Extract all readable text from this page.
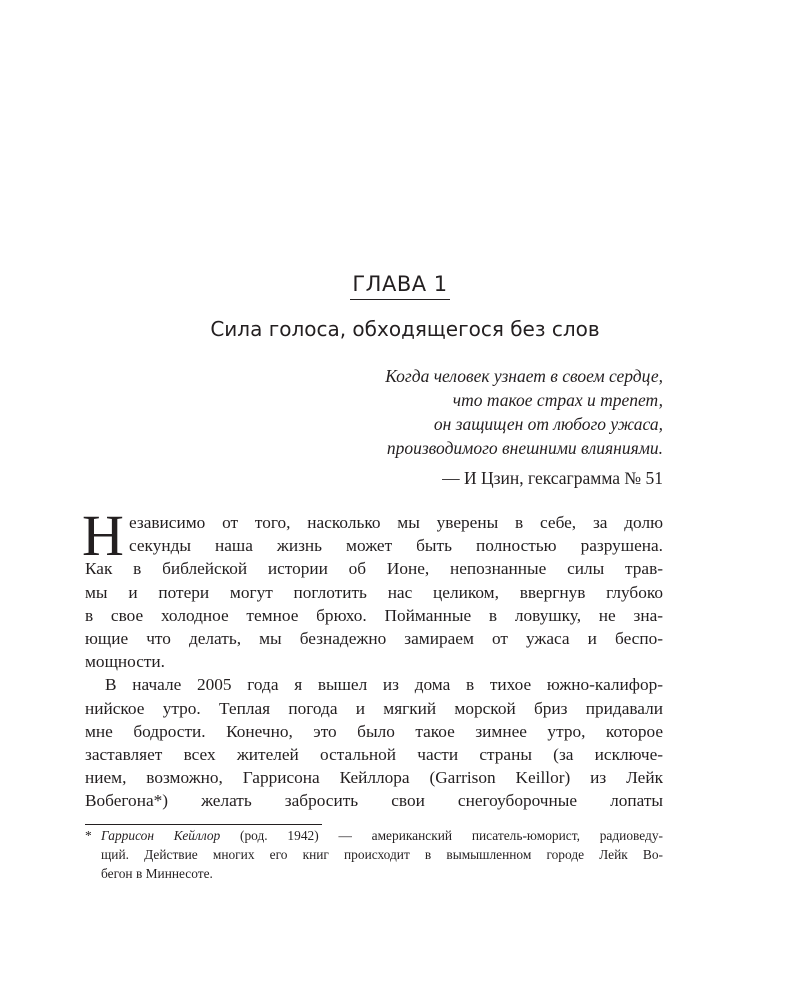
ГЛАВА 1
Сила голоса, обходящегося без слов
Когда человек узнает в своем сердце,
что такое страх и трепет,
он защищен от любого ужаса,
производимого внешними влияниями.
— И Цзин, гексаграмма № 51
Н езависимо от того, насколько мы уверены в себе, за долю
секунды наша жизнь может быть полностью разрушена.
Как в библейской истории об Ионе, непознанные силы трав-
мы и потери могут поглотить нас целиком, ввергнув глубоко
в свое холодное темное брюхо. Пойманные в ловушку, не зна-
ющие что делать, мы безнадежно замираем от ужаса и беспо-
мощности.
В начале 2005 года я вышел из дома в тихое южно-калифор-
нийское утро. Теплая погода и мягкий морской бриз придавали
мне бодрости. Конечно, это было такое зимнее утро, которое
заставляет всех жителей остальной части страны (за исключе-
нием, возможно, Гаррисона Кейллора (Garrison Keillor) из Лейк
Вобегона*) желать забросить свои снегоуборочные лопаты
* Гаррисон Кейллор (род. 1942) — американский писатель-юморист, радиоведу-
щий. Действие многих его книг происходит в вымышленном городе Лейк Во-
бегон в Миннесоте.
